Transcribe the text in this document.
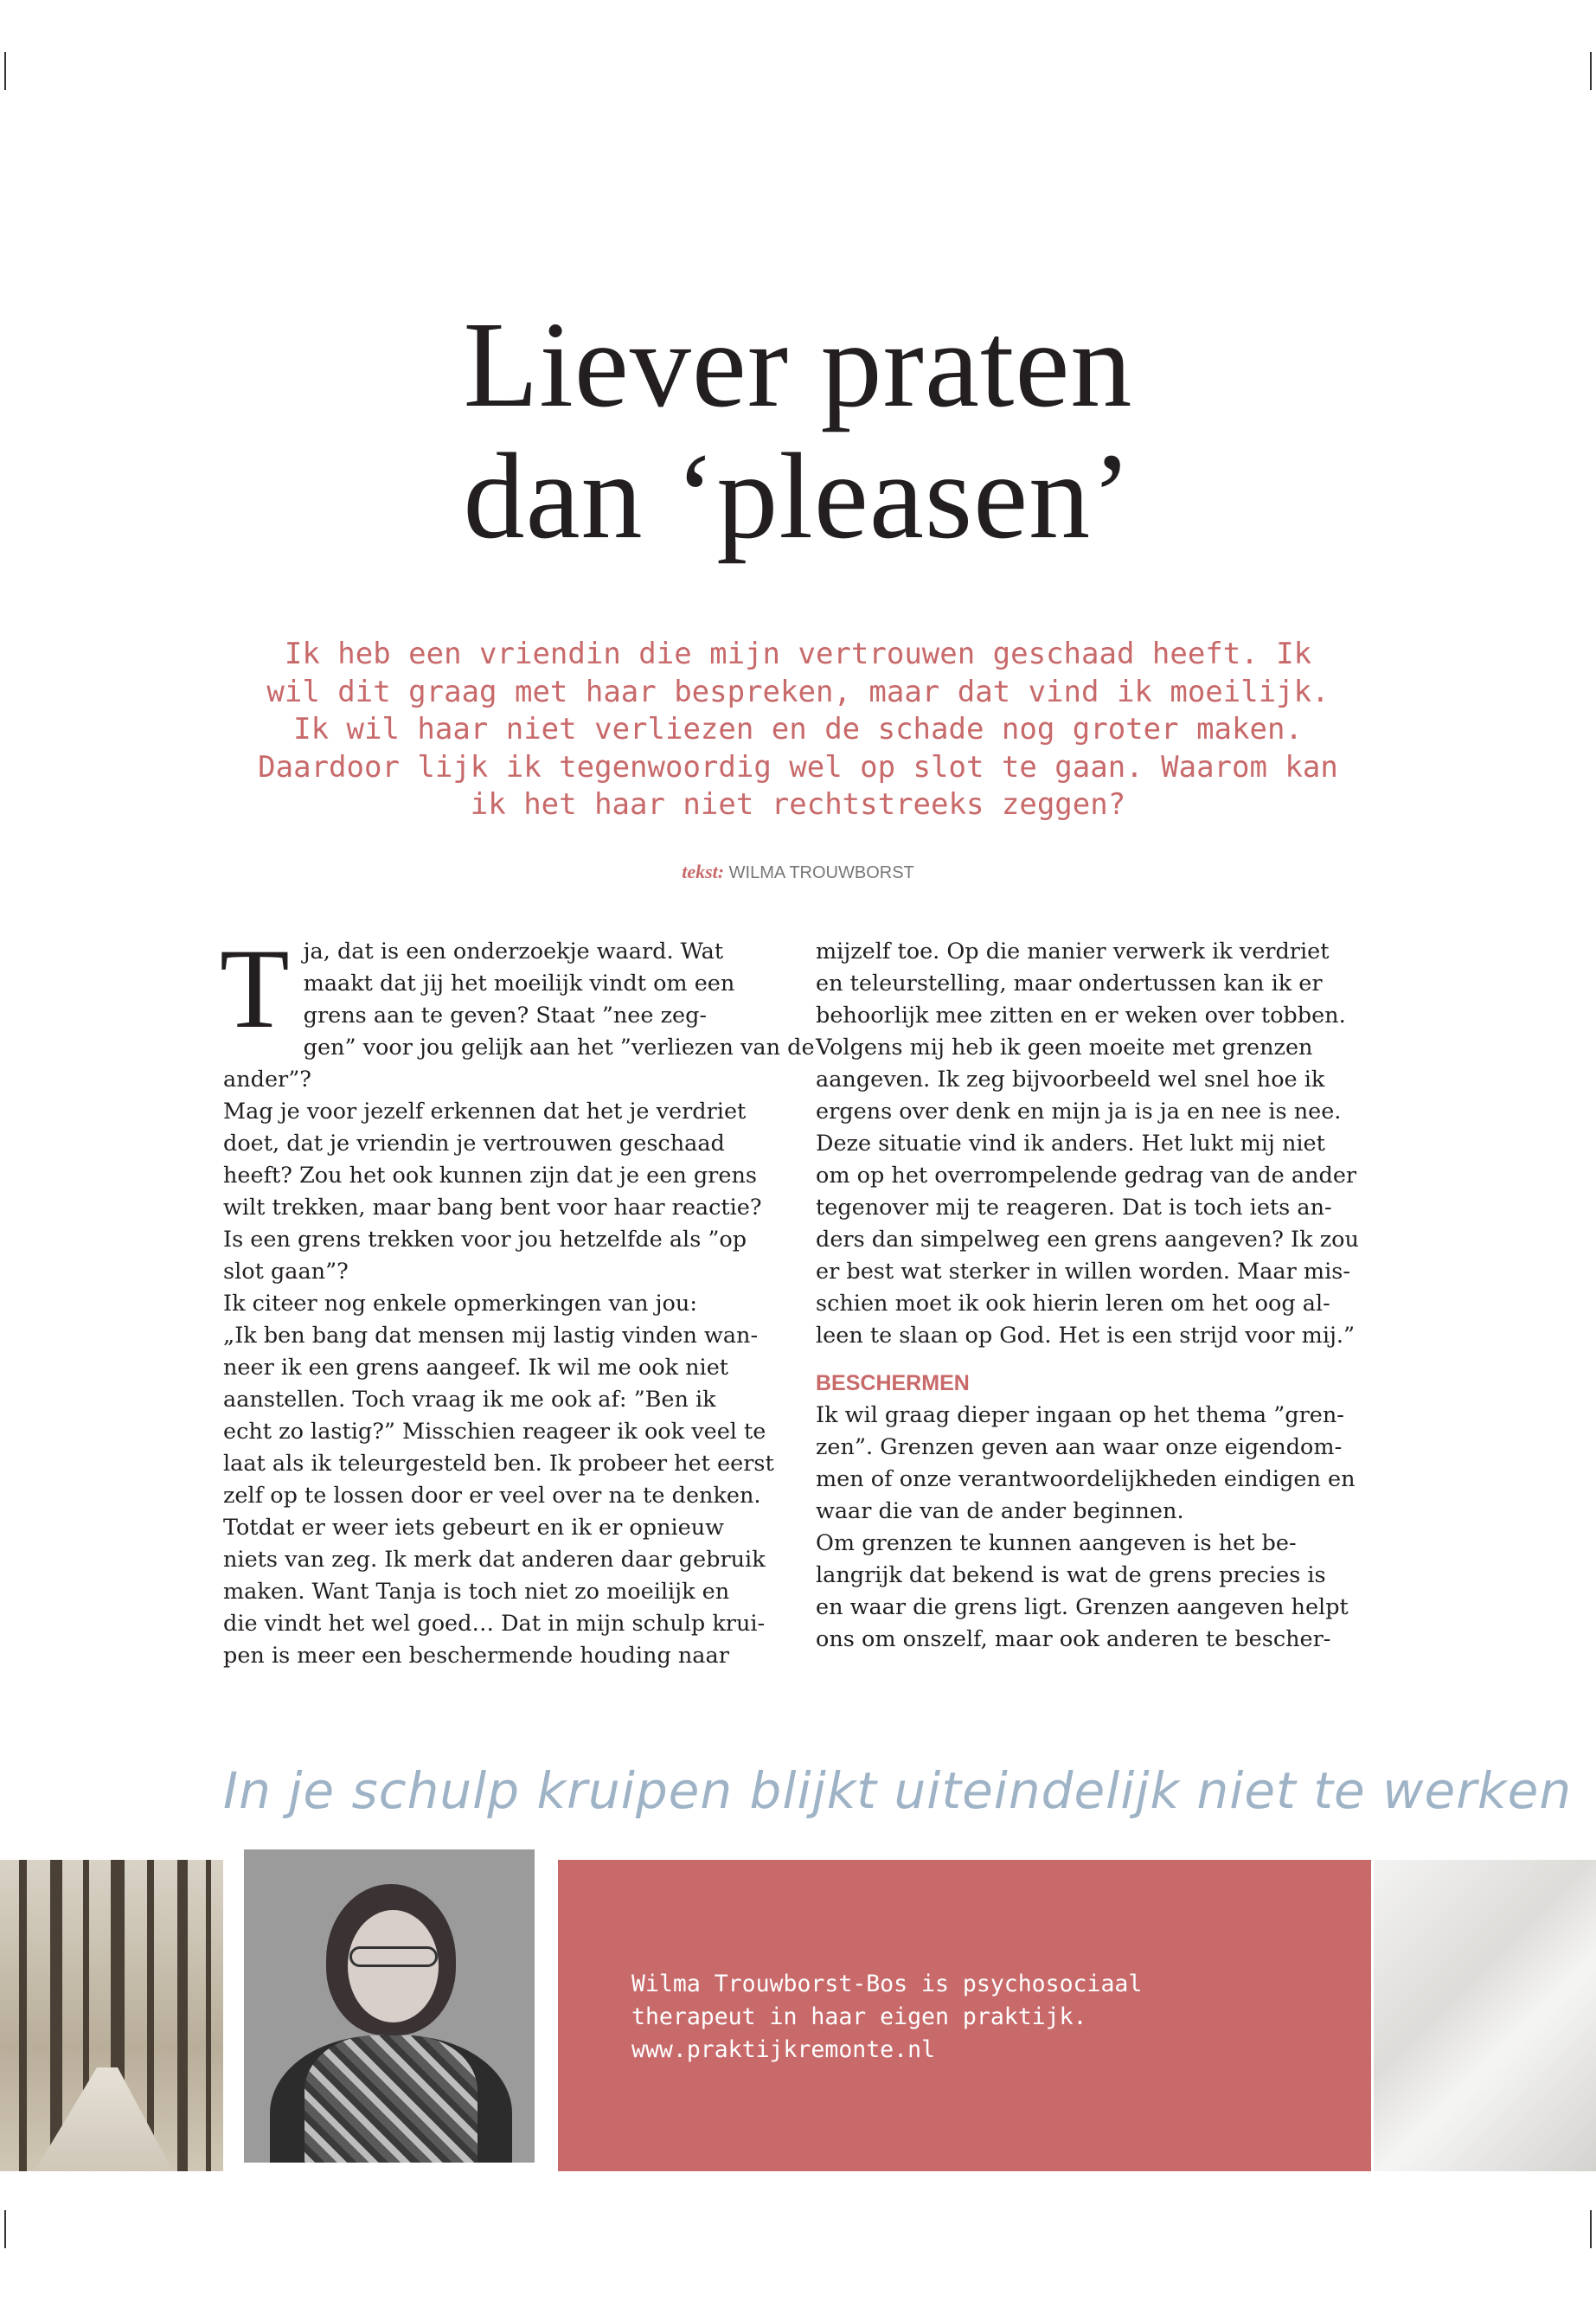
Liever praten
dan ‘pleasen’
Ik heb een vriendin die mijn vertrouwen geschaad heeft. Ik
wil dit graag met haar bespreken, maar dat vind ik moeilijk.
Ik wil haar niet verliezen en de schade nog groter maken.
Daardoor lijk ik tegenwoordig wel op slot te gaan. Waarom kan
ik het haar niet rechtstreeks zeggen?
tekst: WILMA TROUWBORST
T ja, dat is een onderzoekje waard. Wat
maakt dat jij het moeilijk vindt om een
grens aan te geven? Staat ”nee zeg-
gen” voor jou gelijk aan het ”verliezen van de
ander”?
Mag je voor jezelf erkennen dat het je verdriet
doet, dat je vriendin je vertrouwen geschaad
heeft? Zou het ook kunnen zijn dat je een grens
wilt trekken, maar bang bent voor haar reactie?
Is een grens trekken voor jou hetzelfde als ”op
slot gaan”?
Ik citeer nog enkele opmerkingen van jou:
„Ik ben bang dat mensen mij lastig vinden wan-
neer ik een grens aangeef. Ik wil me ook niet
aanstellen. Toch vraag ik me ook af: ”Ben ik
echt zo lastig?” Misschien reageer ik ook veel te
laat als ik teleurgesteld ben. Ik probeer het eerst
zelf op te lossen door er veel over na te denken.
Totdat er weer iets gebeurt en ik er opnieuw
niets van zeg. Ik merk dat anderen daar gebruik
maken. Want Tanja is toch niet zo moeilijk en
die vindt het wel goed… Dat in mijn schulp krui-
pen is meer een beschermende houding naar
mijzelf toe. Op die manier verwerk ik verdriet
en teleurstelling, maar ondertussen kan ik er
behoorlijk mee zitten en er weken over tobben.
Volgens mij heb ik geen moeite met grenzen
aangeven. Ik zeg bijvoorbeeld wel snel hoe ik
ergens over denk en mijn ja is ja en nee is nee.
Deze situatie vind ik anders. Het lukt mij niet
om op het overrompelende gedrag van de ander
tegenover mij te reageren. Dat is toch iets an-
ders dan simpelweg een grens aangeven? Ik zou
er best wat sterker in willen worden. Maar mis-
schien moet ik ook hierin leren om het oog al-
leen te slaan op God. Het is een strijd voor mij.”
BESCHERMEN
Ik wil graag dieper ingaan op het thema ”gren-
zen”. Grenzen geven aan waar onze eigendom-
men of onze verantwoordelijkheden eindigen en
waar die van de ander beginnen.
Om grenzen te kunnen aangeven is het be-
langrijk dat bekend is wat de grens precies is
en waar die grens ligt. Grenzen aangeven helpt
ons om onszelf, maar ook anderen te bescher-
In je schulp kruipen blijkt uiteindelijk niet te werken
Wilma Trouwborst-Bos is psychosociaal
therapeut in haar eigen praktijk.
www.praktijkremonte.nl
